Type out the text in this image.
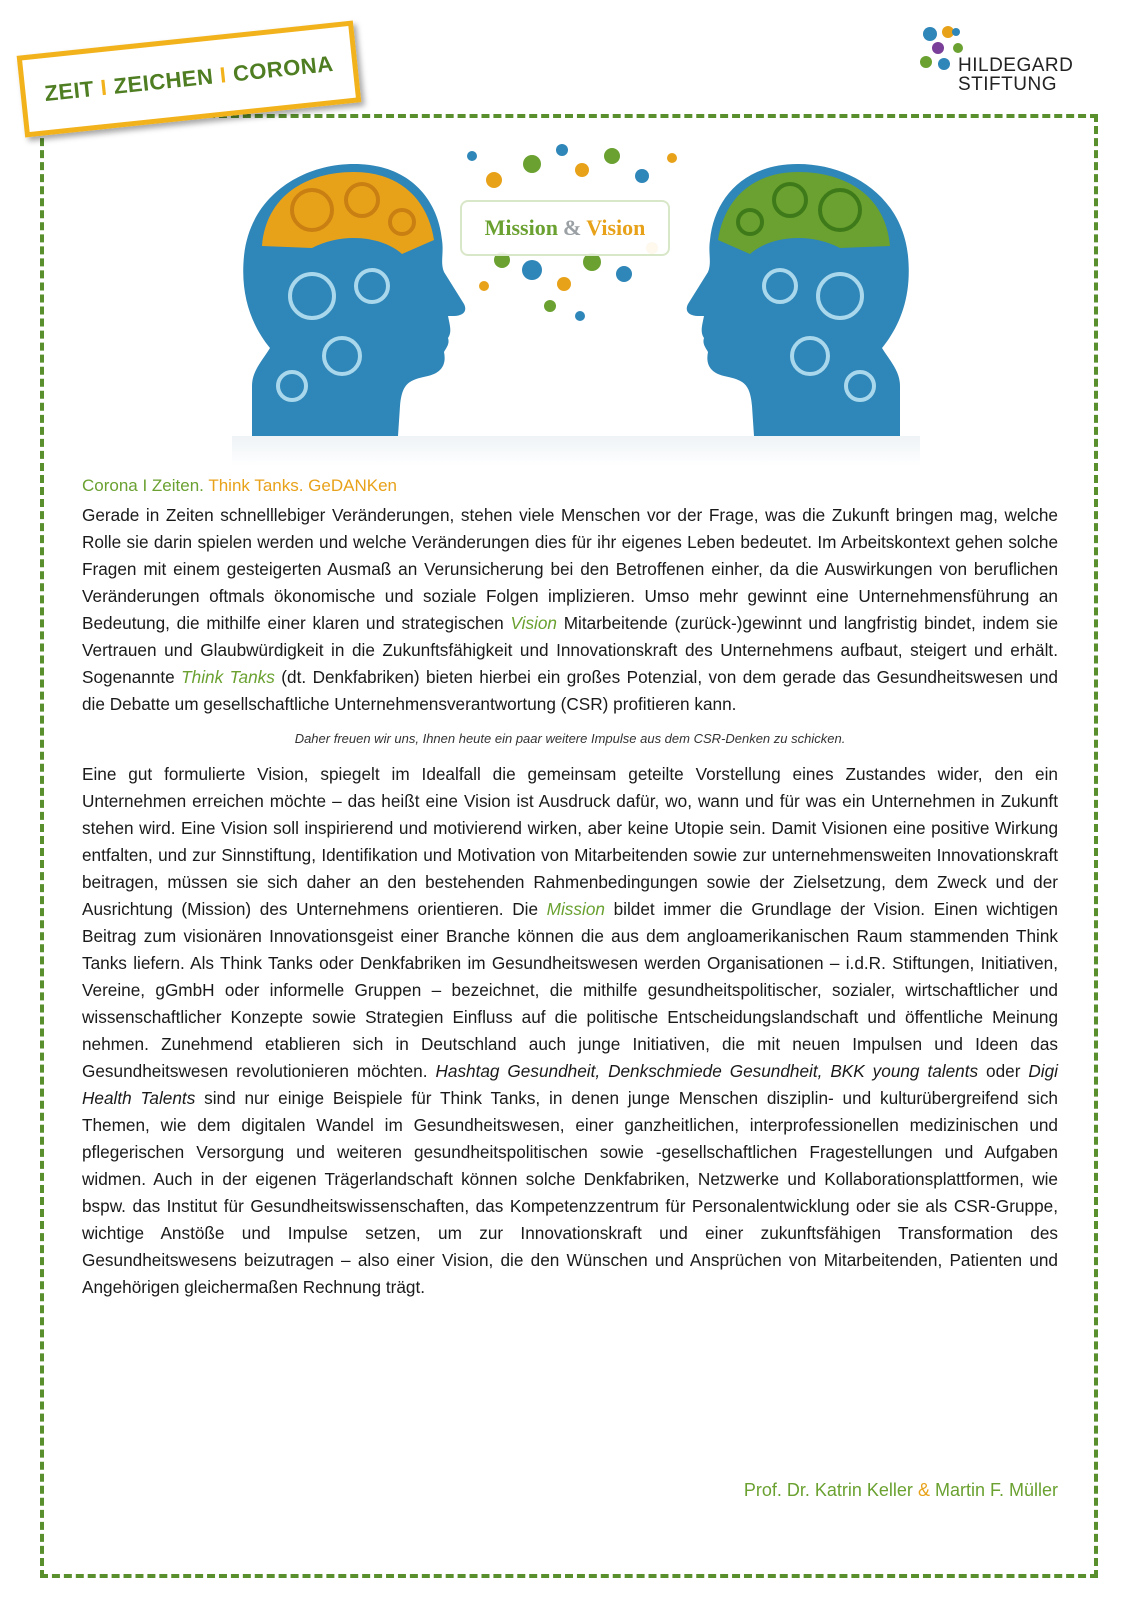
ZEIT I ZEICHEN I CORONA	HILDEGARD
STIFTUNG
Mission & Vision
Corona I Zeiten. Think Tanks. GeDANKen

Gerade in Zeiten schnelllebiger Veränderungen, stehen viele Menschen vor der Frage, was die Zukunft bringen mag, welche Rolle sie darin spielen werden und welche Veränderungen dies für ihr eigenes Leben bedeutet. Im Arbeitskontext gehen solche Fragen mit einem gesteigerten Ausmaß an Verunsicherung bei den Betroffenen einher, da die Auswirkungen von beruflichen Veränderungen oftmals ökonomische und soziale Folgen implizieren. Umso mehr gewinnt eine Unternehmensführung an Bedeutung, die mithilfe einer klaren und strategischen Vision Mitarbeitende (zurück-)gewinnt und langfristig bindet, indem sie Vertrauen und Glaubwürdigkeit in die Zukunftsfähigkeit und Innovationskraft des Unternehmens aufbaut, steigert und erhält. Sogenannte Think Tanks (dt. Denkfabriken) bieten hierbei ein großes Potenzial, von dem gerade das Gesundheitswesen und die Debatte um gesellschaftliche Unternehmensverantwortung (CSR) profitieren kann.

Daher freuen wir uns, Ihnen heute ein paar weitere Impulse aus dem CSR-Denken zu schicken.

Eine gut formulierte Vision, spiegelt im Idealfall die gemeinsam geteilte Vorstellung eines Zustandes wider, den ein Unternehmen erreichen möchte – das heißt eine Vision ist Ausdruck dafür, wo, wann und für was ein Unternehmen in Zukunft stehen wird. Eine Vision soll inspirierend und motivierend wirken, aber keine Utopie sein. Damit Visionen eine positive Wirkung entfalten, und zur Sinnstiftung, Identifikation und Motivation von Mitarbeitenden sowie zur unternehmensweiten Innovationskraft beitragen, müssen sie sich daher an den bestehenden Rahmenbedingungen sowie der Zielsetzung, dem Zweck und der Ausrichtung (Mission) des Unternehmens orientieren. Die Mission bildet immer die Grundlage der Vision. Einen wichtigen Beitrag zum visionären Innovationsgeist einer Branche können die aus dem angloamerikanischen Raum stammenden Think Tanks liefern. Als Think Tanks oder Denkfabriken im Gesundheitswesen werden Organisationen – i.d.R. Stiftungen, Initiativen, Vereine, gGmbH oder informelle Gruppen – bezeichnet, die mithilfe gesundheitspolitischer, sozialer, wirtschaftlicher und wissenschaftlicher Konzepte sowie Strategien Einfluss auf die politische Entscheidungslandschaft und öffentliche Meinung nehmen. Zunehmend etablieren sich in Deutschland auch junge Initiativen, die mit neuen Impulsen und Ideen das Gesundheitswesen revolutionieren möchten. Hashtag Gesundheit, Denkschmiede Gesundheit, BKK young talents oder Digi Health Talents sind nur einige Beispiele für Think Tanks, in denen junge Menschen disziplin- und kulturübergreifend sich Themen, wie dem digitalen Wandel im Gesundheitswesen, einer ganzheitlichen, interprofessionellen medizinischen und pflegerischen Versorgung und weiteren gesundheitspolitischen sowie -gesellschaftlichen Fragestellungen und Aufgaben widmen. Auch in der eigenen Trägerlandschaft können solche Denkfabriken, Netzwerke und Kollaborationsplattformen, wie bspw. das Institut für Gesundheitswissenschaften, das Kompetenzzentrum für Personalentwicklung oder sie als CSR-Gruppe, wichtige Anstöße und Impulse setzen, um zur Innovationskraft und einer zukunftsfähigen Transformation des Gesundheitswesens beizutragen – also einer Vision, die den Wünschen und Ansprüchen von Mitarbeitenden, Patienten und Angehörigen gleichermaßen Rechnung trägt.

Prof. Dr. Katrin Keller & Martin F. Müller
